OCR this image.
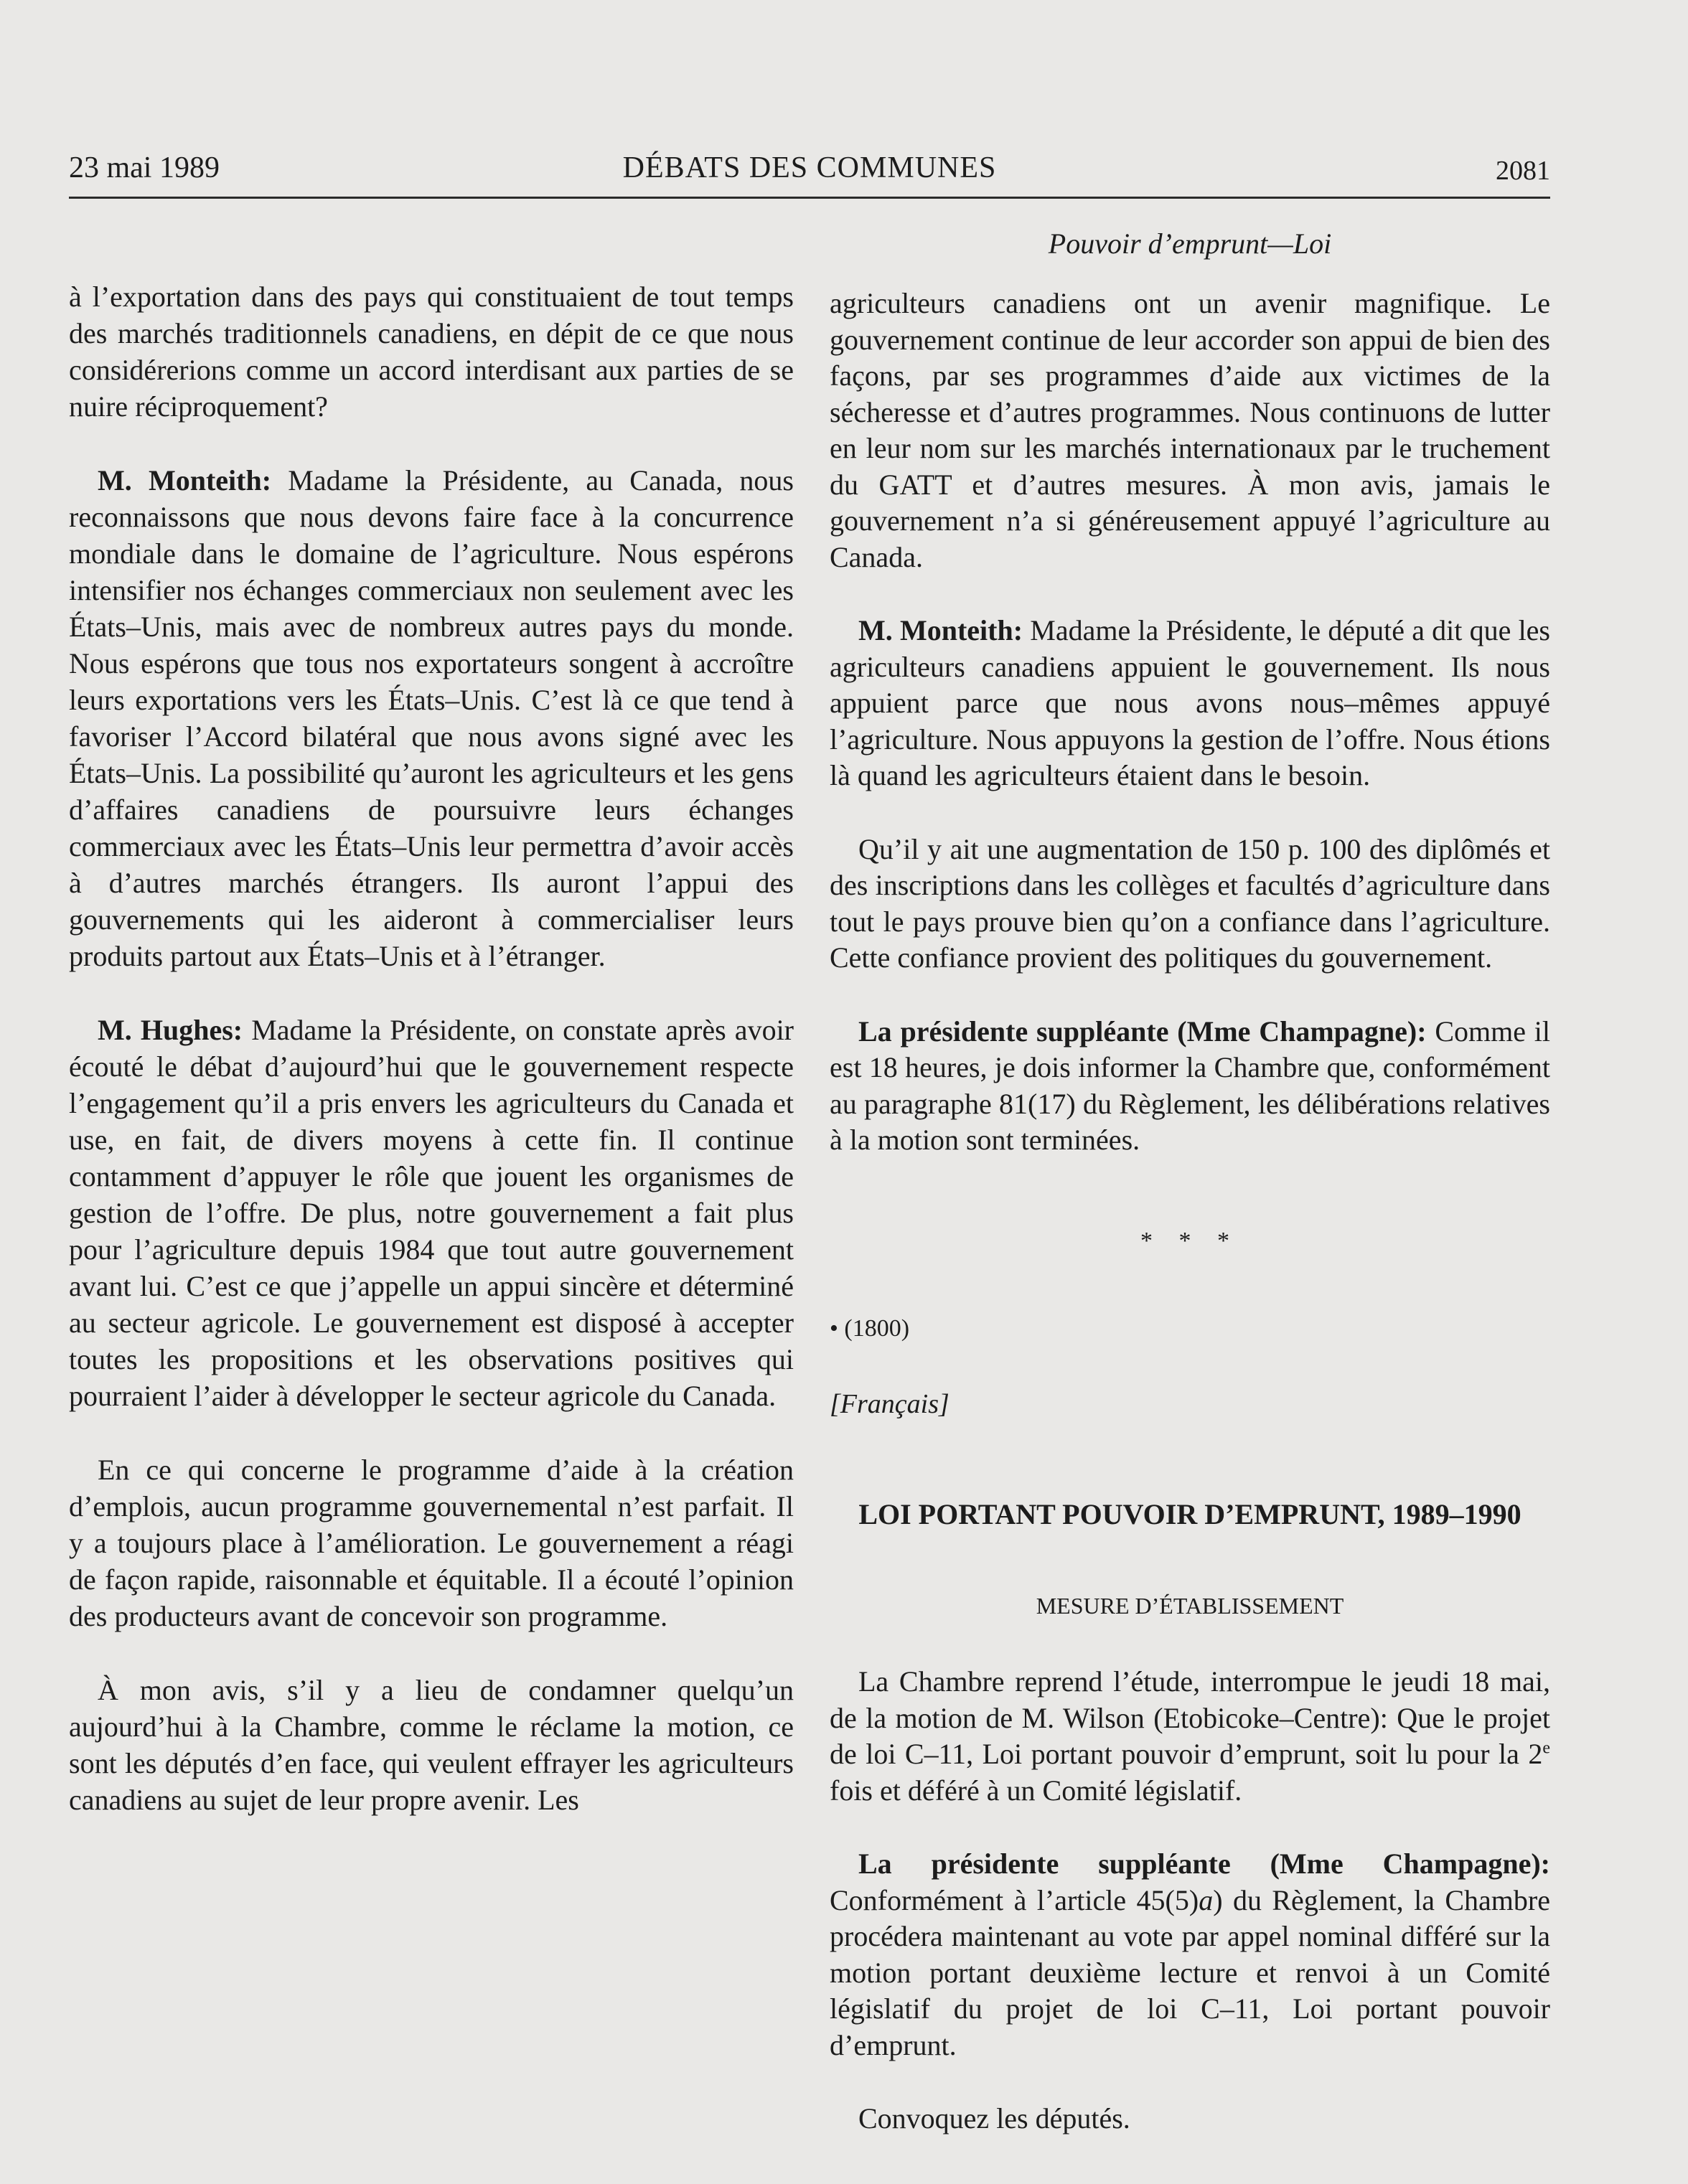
23 mai 1989	DÉBATS DES COMMUNES	2081
Pouvoir d’emprunt—Loi

à l’exportation dans des pays qui constituaient de tout temps des marchés traditionnels canadiens, en dépit de ce que nous considérerions comme un accord interdisant aux parties de se nuire réciproquement?

M. Monteith: Madame la Présidente, au Canada, nous reconnaissons que nous devons faire face à la concurrence mondiale dans le domaine de l’agriculture. Nous espérons intensifier nos échanges commerciaux non seulement avec les États–Unis, mais avec de nombreux autres pays du monde. Nous espérons que tous nos exportateurs songent à accroître leurs exportations vers les États–Unis. C’est là ce que tend à favoriser l’Accord bilatéral que nous avons signé avec les États–Unis. La possibilité qu’auront les agriculteurs et les gens d’affaires canadiens de poursuivre leurs échanges commerciaux avec les États–Unis leur permettra d’avoir accès à d’autres marchés étrangers. Ils auront l’appui des gouvernements qui les aideront à commercialiser leurs produits partout aux États–Unis et à l’étranger.

M. Hughes: Madame la Présidente, on constate après avoir écouté le débat d’aujourd’hui que le gouvernement respecte l’engagement qu’il a pris envers les agriculteurs du Canada et use, en fait, de divers moyens à cette fin. Il continue contamment d’appuyer le rôle que jouent les organismes de gestion de l’offre. De plus, notre gouvernement a fait plus pour l’agriculture depuis 1984 que tout autre gouvernement avant lui. C’est ce que j’appelle un appui sincère et déterminé au secteur agricole. Le gouvernement est disposé à accepter toutes les propositions et les observations positives qui pourraient l’aider à développer le secteur agricole du Canada.

En ce qui concerne le programme d’aide à la création d’emplois, aucun programme gouvernemental n’est parfait. Il y a toujours place à l’amélioration. Le gouvernement a réagi de façon rapide, raisonnable et équitable. Il a écouté l’opinion des producteurs avant de concevoir son programme.

À mon avis, s’il y a lieu de condamner quelqu’un aujourd’hui à la Chambre, comme le réclame la motion, ce sont les députés d’en face, qui veulent effrayer les agriculteurs canadiens au sujet de leur propre avenir. Les

agriculteurs canadiens ont un avenir magnifique. Le gouvernement continue de leur accorder son appui de bien des façons, par ses programmes d’aide aux victimes de la sécheresse et d’autres programmes. Nous continuons de lutter en leur nom sur les marchés internationaux par le truchement du GATT et d’autres mesures. À mon avis, jamais le gouvernement n’a si généreusement appuyé l’agriculture au Canada.

M. Monteith: Madame la Présidente, le député a dit que les agriculteurs canadiens appuient le gouvernement. Ils nous appuient parce que nous avons nous–mêmes appuyé l’agriculture. Nous appuyons la gestion de l’offre. Nous étions là quand les agriculteurs étaient dans le besoin.

Qu’il y ait une augmentation de 150 p. 100 des diplômés et des inscriptions dans les collèges et facultés d’agriculture dans tout le pays prouve bien qu’on a confiance dans l’agriculture. Cette confiance provient des politiques du gouvernement.

La présidente suppléante (Mme Champagne): Comme il est 18 heures, je dois informer la Chambre que, conformément au paragraphe 81(17) du Règlement, les délibérations relatives à la motion sont terminées.

* * *

• (1800)

[Français]

LOI PORTANT POUVOIR D’EMPRUNT, 1989–1990

MESURE D’ÉTABLISSEMENT

La Chambre reprend l’étude, interrompue le jeudi 18 mai, de la motion de M. Wilson (Etobicoke–Centre): Que le projet de loi C–11, Loi portant pouvoir d’emprunt, soit lu pour la 2e fois et déféré à un Comité législatif.

La présidente suppléante (Mme Champagne): Conformément à l’article 45(5)a) du Règlement, la Chambre procédera maintenant au vote par appel nominal différé sur la motion portant deuxième lecture et renvoi à un Comité législatif du projet de loi C–11, Loi portant pouvoir d’emprunt.

Convoquez les députés.
